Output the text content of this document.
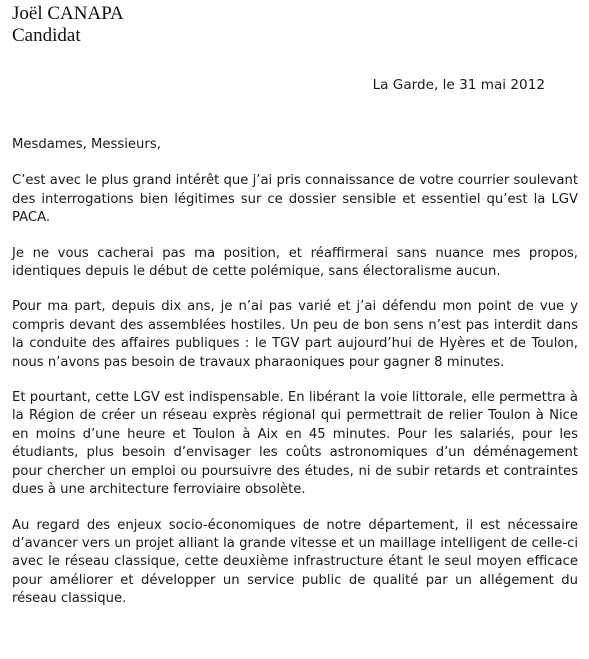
Joël CANAPA
Candidat
La Garde, le 31 mai 2012
Mesdames, Messieurs,
C’est avec le plus grand intérêt que j’ai pris connaissance de votre courrier soulevant des interrogations bien légitimes sur ce dossier sensible et essentiel qu’est la LGV PACA.
Je ne vous cacherai pas ma position, et réaffirmerai sans nuance mes propos, identiques depuis le début de cette polémique, sans électoralisme aucun.
Pour ma part, depuis dix ans, je n’ai pas varié et j’ai défendu mon point de vue y compris devant des assemblées hostiles. Un peu de bon sens n’est pas interdit dans la conduite des affaires publiques : le TGV part aujourd’hui de Hyères et de Toulon, nous n’avons pas besoin de travaux pharaoniques pour gagner 8 minutes.
Et pourtant, cette LGV est indispensable. En libérant la voie littorale, elle permettra à la Région de créer un réseau exprès régional qui permettrait de relier Toulon à Nice en moins d’une heure et Toulon à Aix en 45 minutes. Pour les salariés, pour les étudiants, plus besoin d’envisager les coûts astronomiques d’un déménagement pour chercher un emploi ou poursuivre des études, ni de subir retards et contraintes dues à une architecture ferroviaire obsolète.
Au regard des enjeux socio-économiques de notre département, il est nécessaire d’avancer vers un projet alliant la grande vitesse et un maillage intelligent de celle-ci avec le réseau classique, cette deuxième infrastructure étant le seul moyen efficace pour améliorer et développer un service public de qualité par un allégement du réseau classique.
